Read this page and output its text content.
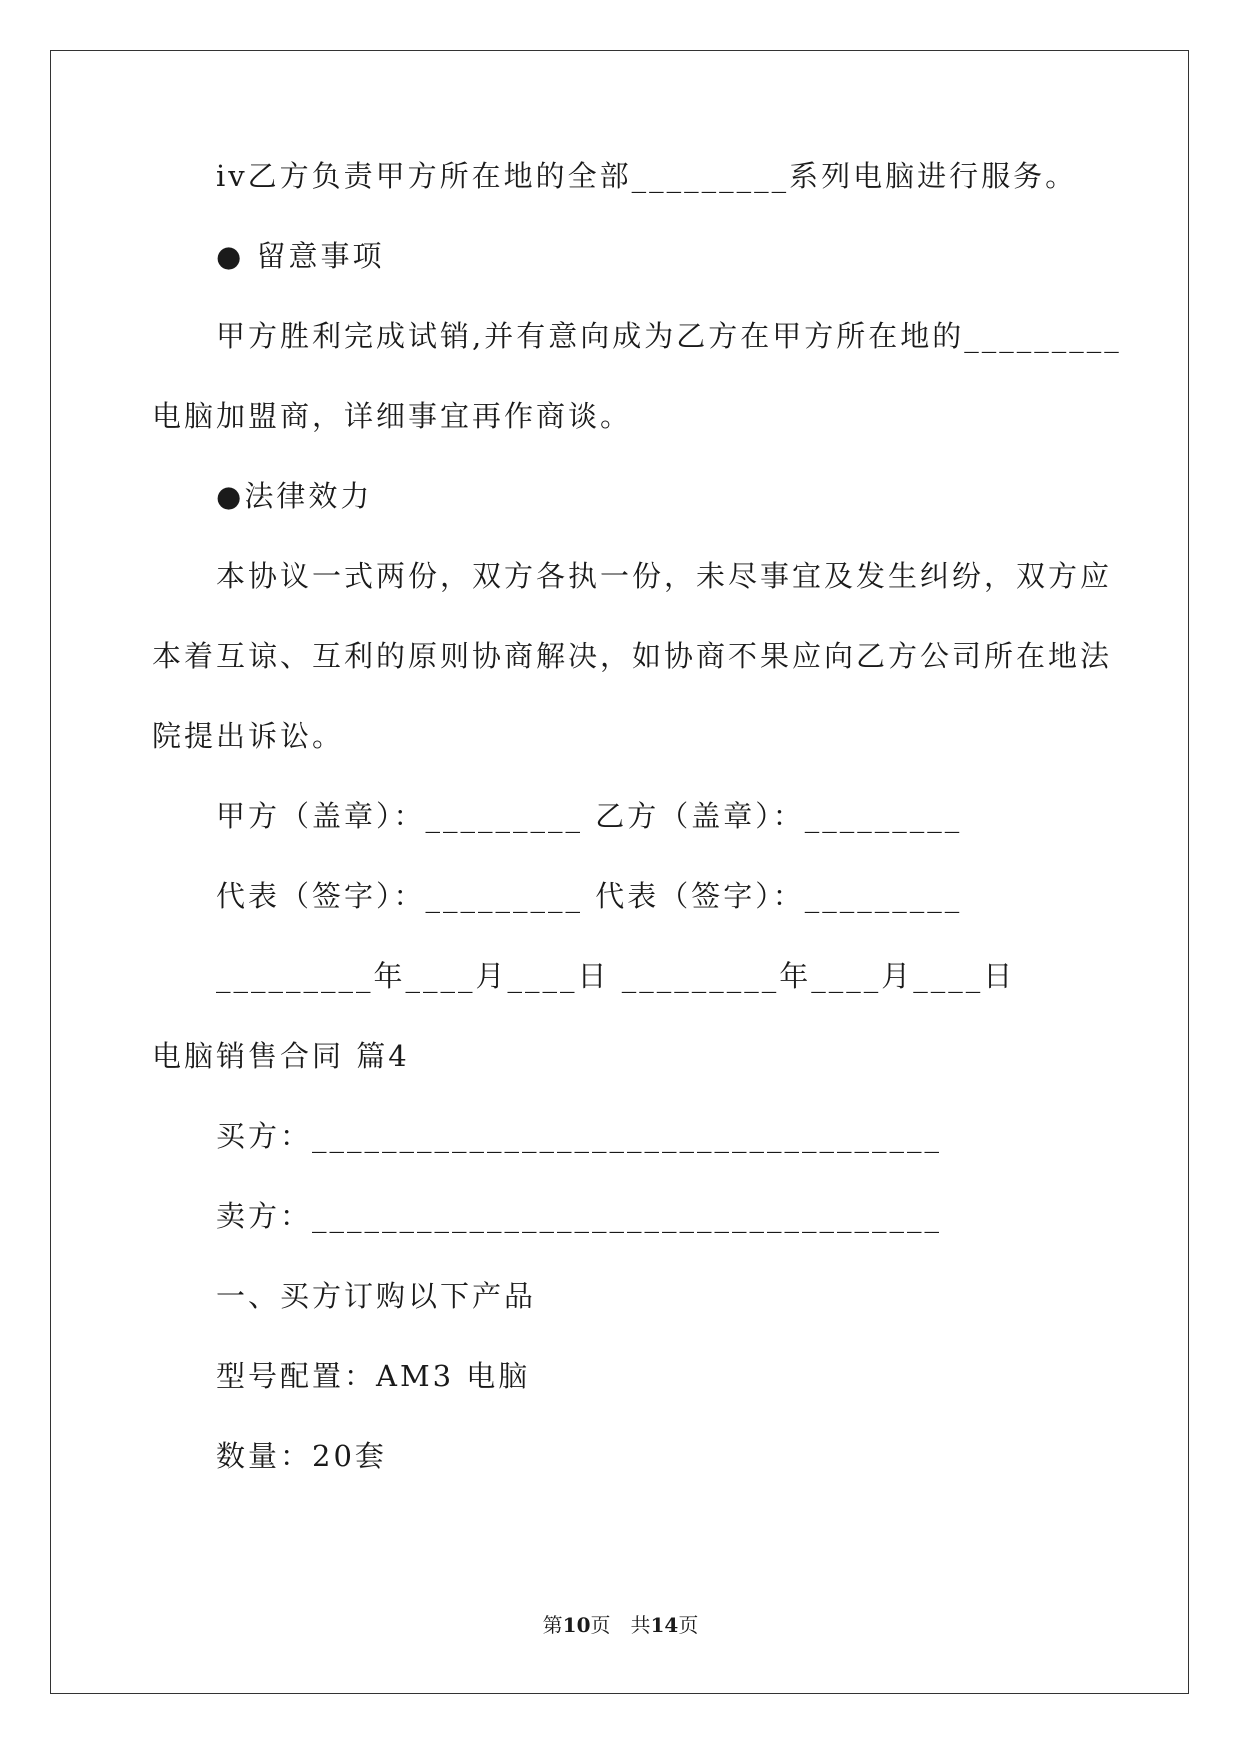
iv乙方负责甲方所在地的全部_________系列电脑进行服务。
● 留意事项
甲方胜利完成试销,并有意向成为乙方在甲方所在地的_________
电脑加盟商，详细事宜再作商谈。
●法律效力
本协议一式两份，双方各执一份，未尽事宜及发生纠纷，双方应
本着互谅、互利的原则协商解决，如协商不果应向乙方公司所在地法
院提出诉讼。
甲方（盖章）：_________ 乙方（盖章）：_________
代表（签字）：_________ 代表（签字）：_________
_________年____月____日 _________年____月____日
电脑销售合同 篇4
买方：____________________________________
卖方：____________________________________
一、买方订购以下产品
型号配置：AM3 电脑
数量：20套
第10页　共14页
